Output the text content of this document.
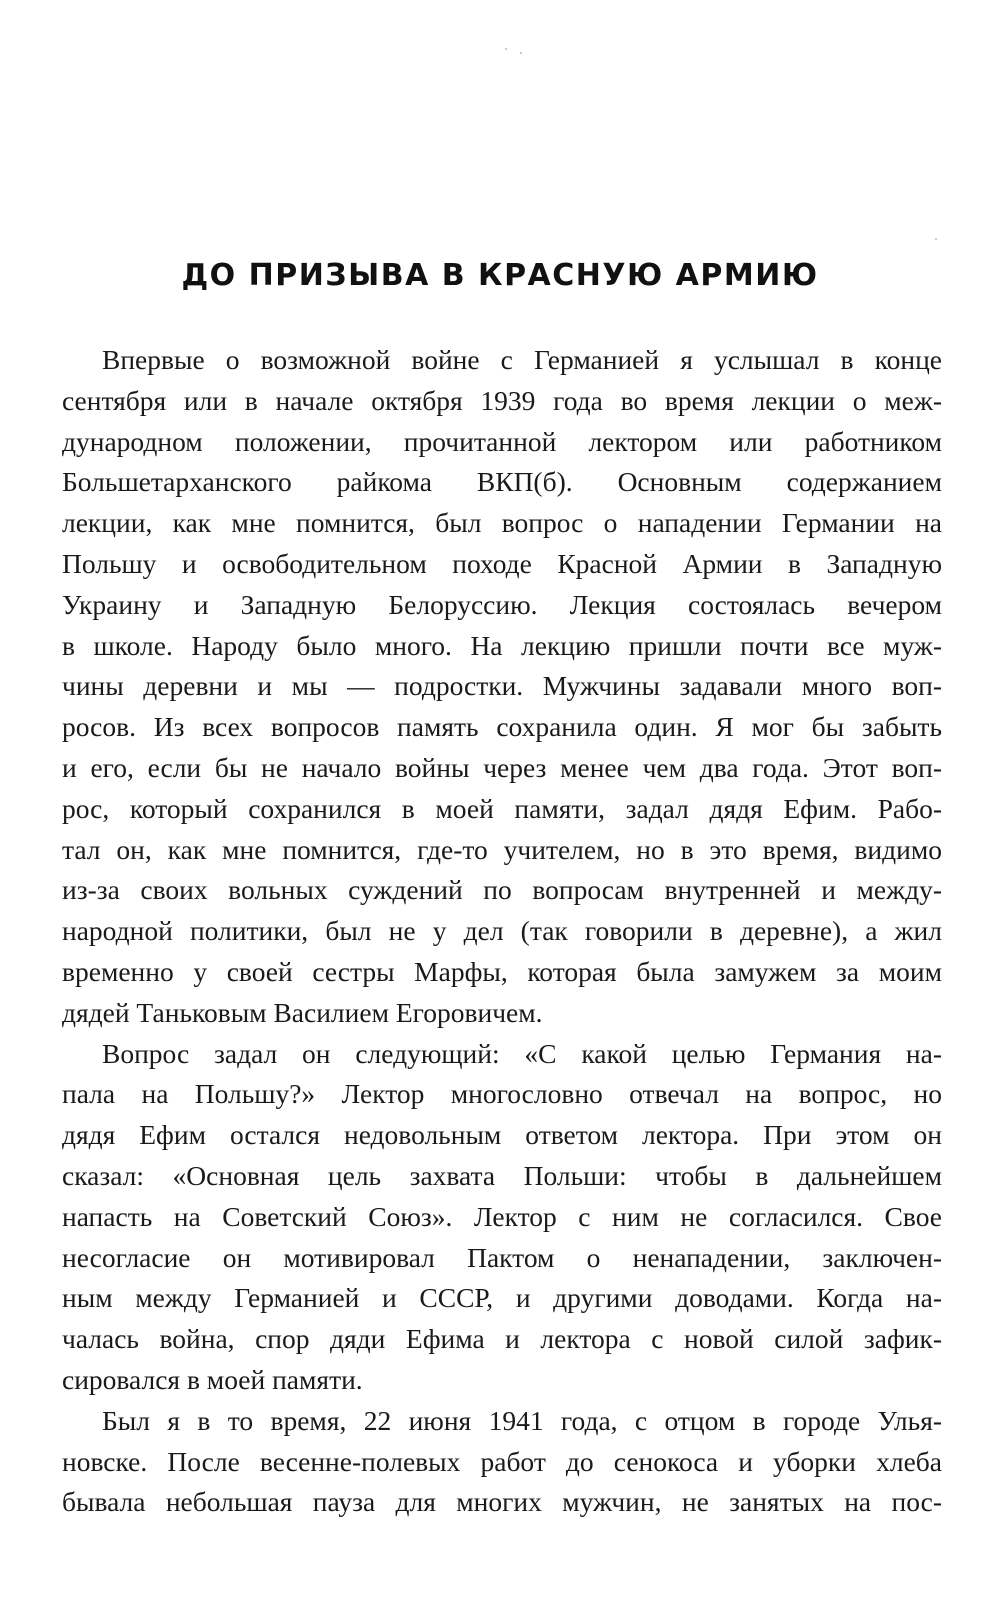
ДО ПРИЗЫВА В КРАСНУЮ АРМИЮ
Впервые о возможной войне с Германией я услышал в конце
сентября или в начале октября 1939 года во время лекции о меж-
дународном положении, прочитанной лектором или работником
Большетарханского райкома ВКП(б). Основным содержанием
лекции, как мне помнится, был вопрос о нападении Германии на
Польшу и освободительном походе Красной Армии в Западную
Украину и Западную Белоруссию. Лекция состоялась вечером
в школе. Народу было много. На лекцию пришли почти все муж-
чины деревни и мы — подростки. Мужчины задавали много воп-
росов. Из всех вопросов память сохранила один. Я мог бы забыть
и его, если бы не начало войны через менее чем два года. Этот воп-
рос, который сохранился в моей памяти, задал дядя Ефим. Рабо-
тал он, как мне помнится, где-то учителем, но в это время, видимо
из-за своих вольных суждений по вопросам внутренней и между-
народной политики, был не у дел (так говорили в деревне), а жил
временно у своей сестры Марфы, которая была замужем за моим
дядей Таньковым Василием Егоровичем.
Вопрос задал он следующий: «С какой целью Германия на-
пала на Польшу?» Лектор многословно отвечал на вопрос, но
дядя Ефим остался недовольным ответом лектора. При этом он
сказал: «Основная цель захвата Польши: чтобы в дальнейшем
напасть на Советский Союз». Лектор с ним не согласился. Свое
несогласие он мотивировал Пактом о ненападении, заключен-
ным между Германией и СССР, и другими доводами. Когда на-
чалась война, спор дяди Ефима и лектора с новой силой зафик-
сировался в моей памяти.
Был я в то время, 22 июня 1941 года, с отцом в городе Улья-
новске. После весенне-полевых работ до сенокоса и уборки хлеба
бывала небольшая пауза для многих мужчин, не занятых на пос-
